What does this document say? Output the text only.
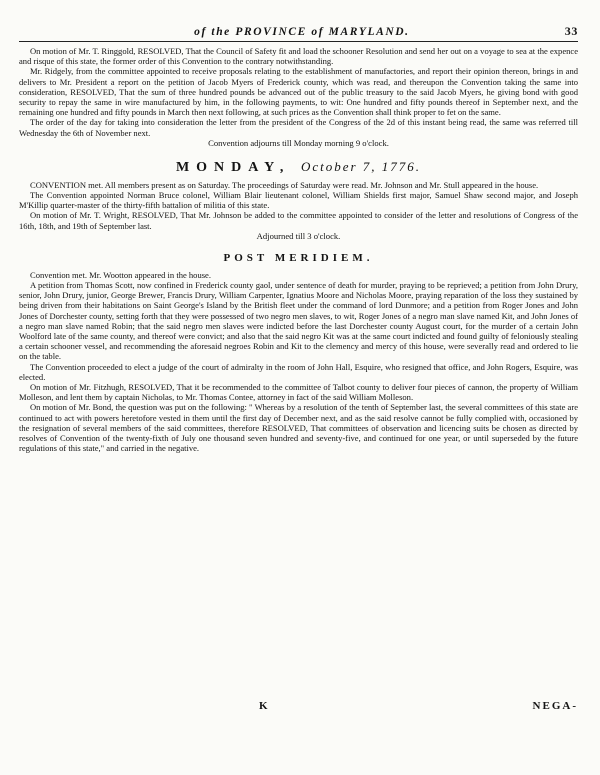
of the PROVINCE of MARYLAND.	33

On motion of Mr. T. Ringgold, RESOLVED, That the Council of Safety fit and load the schooner Resolution and send her out on a voyage to sea at the expence and risque of this state, the former order of this Convention to the contrary notwithstanding.

Mr. Ridgely, from the committee appointed to receive proposals relating to the establishment of manufactories, and report their opinion thereon, brings in and delivers to Mr. President a report on the petition of Jacob Myers of Frederick county, which was read, and thereupon the Convention taking the same into consideration, RESOLVED, That the sum of three hundred pounds be advanced out of the public treasury to the said Jacob Myers, he giving bond with good security to repay the same in wire manufactured by him, in the following payments, to wit: One hundred and fifty pounds thereof in September next, and the remaining one hundred and fifty pounds in March then next following, at such prices as the Convention shall think proper to fet on the same.

The order of the day for taking into consideration the letter from the president of the Congress of the 2d of this instant being read, the same was referred till Wednesday the 6th of November next.

Convention adjourns till Monday morning 9 o'clock.

MONDAY, October 7, 1776.

CONVENTION met. All members present as on Saturday. The proceedings of Saturday were read. Mr. Johnson and Mr. Stull appeared in the house.

The Convention appointed Norman Bruce colonel, William Blair lieutenant colonel, William Shields first major, Samuel Shaw second major, and Joseph M'Killip quarter-master of the thirty-fifth battalion of militia of this state.

On motion of Mr. T. Wright, RESOLVED, That Mr. Johnson be added to the committee appointed to consider of the letter and resolutions of Congress of the 16th, 18th, and 19th of September last.

Adjourned till 3 o'clock.

POST MERIDIEM.

Convention met. Mr. Wootton appeared in the house.

A petition from Thomas Scott, now confined in Frederick county gaol, under sentence of death for murder, praying to be reprieved; a petition from John Drury, senior, John Drury, junior, George Brewer, Francis Drury, William Carpenter, Ignatius Moore and Nicholas Moore, praying reparation of the loss they sustained by being driven from their habitations on Saint George's Island by the British fleet under the command of lord Dunmore; and a petition from Roger Jones and John Jones of Dorchester county, setting forth that they were possessed of two negro men slaves, to wit, Roger Jones of a negro man slave named Kit, and John Jones of a negro man slave named Robin; that the said negro men slaves were indicted before the last Dorchester county August court, for the murder of a certain John Woolford late of the same county, and thereof were convict; and also that the said negro Kit was at the same court indicted and found guilty of feloniously stealing a certain schooner vessel, and recommending the aforesaid negroes Robin and Kit to the clemency and mercy of this house, were severally read and ordered to lie on the table.

The Convention proceeded to elect a judge of the court of admiralty in the room of John Hall, Esquire, who resigned that office, and John Rogers, Esquire, was elected.

On motion of Mr. Fitzhugh, RESOLVED, That it be recommended to the committee of Talbot county to deliver four pieces of cannon, the property of William Molleson, and lent them by captain Nicholas, to Mr. Thomas Contee, attorney in fact of the said William Molleson.

On motion of Mr. Bond, the question was put on the following: " Whereas by a resolution of the tenth of September last, the several committees of this state are continued to act with powers heretofore vested in them until the first day of December next, and as the said resolve cannot be fully complied with, occasioned by the resignation of several members of the said committees, therefore RESOLVED, That committees of observation and licencing suits be chosen as directed by resolves of Convention of the twenty-fixth of July one thousand seven hundred and seventy-five, and continued for one year, or until superseded by the future regulations of this state," and carried in the negative.

K	NEGA-
